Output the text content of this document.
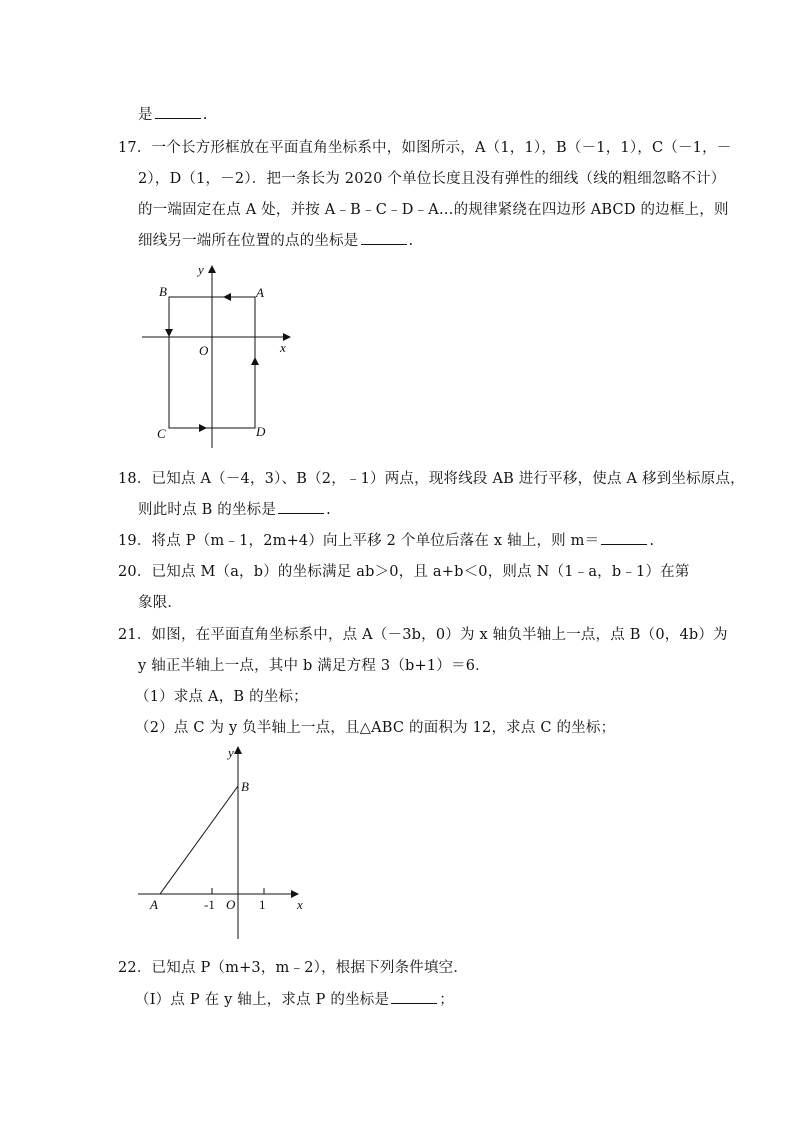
是	.
17．一个长方形框放在平面直角坐标系中，如图所示，A（1，1），B（－1，1），C（－1，－
2），D（1，－2）．把一条长为 2020 个单位长度且没有弹性的细线（线的粗细忽略不计）
的一端固定在点 A 处，并按 A﹣B﹣C﹣D﹣A…的规律紧绕在四边形 ABCD 的边框上，则
细线另一端所在位置的点的坐标是	.
y
x
O
A
B
C	D
18．已知点 A（－4，3）、B（2，﹣1）两点，现将线段 AB 进行平移，使点 A 移到坐标原点，
则此时点 B 的坐标是	.
19．将点 P（m﹣1，2m+4）向上平移 2 个单位后落在 x 轴上，则 m＝	.
20．已知点 M（a，b）的坐标满足 ab＞0，且 a+b＜0，则点 N（1﹣a，b﹣1）在第
象限．
21．如图，在平面直角坐标系中，点 A（－3b，0）为 x 轴负半轴上一点，点 B（0，4b）为
y 轴正半轴上一点，其中 b 满足方程 3（b+1）＝6．
（1）求点 A，B 的坐标；
（2）点 C 为 y 负半轴上一点，且△ABC 的面积为 12，求点 C 的坐标；
y
B
A	-1 O 1 x
22．已知点 P（m+3，m﹣2），根据下列条件填空．
（Ⅰ）点 P 在 y 轴上，求点 P 的坐标是	；
